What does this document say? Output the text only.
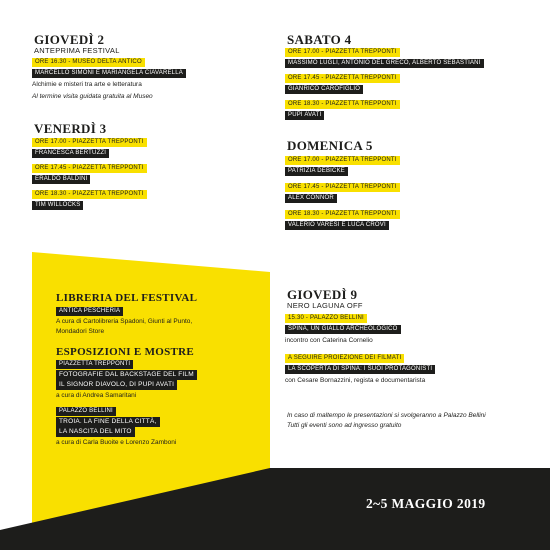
GIOVEDÌ 2
ANTEPRIMA FESTIVAL
ORE 16.30 - MUSEO DELTA ANTICO
MARCELLO SIMONI E MARIANGELA CIAVARELLA
Alchimie e misteri tra arte e letteratura
Al termine visita guidata gratuita al Museo
VENERDÌ 3
ORE 17.00 - PIAZZETTA TREPPONTI
FRANCESCA BERTUZZI
ORE 17.45 - PIAZZETTA TREPPONTI
ERALDO BALDINI
ORE 18.30 - PIAZZETTA TREPPONTI
TIM WILLOCKS
SABATO 4
ORE 17.00 - PIAZZETTA TREPPONTI
MASSIMO LUGLI, ANTONIO DEL GRECO, ALBERTO SEBASTIANI
ORE 17.45 - PIAZZETTA TREPPONTI
GIANRICO CAROFIGLIO
ORE 18.30 - PIAZZETTA TREPPONTI
PUPI AVATI
DOMENICA 5
ORE 17.00 - PIAZZETTA TREPPONTI
PATRIZIA DEBICKE
ORE 17.45 - PIAZZETTA TREPPONTI
ALEX CONNOR
ORE 18.30 - PIAZZETTA TREPPONTI
VALERIO VARESI E LUCA CROVI
LIBRERIA DEL FESTIVAL
ANTICA PESCHERIA
A cura di Cartolibreria Spadoni, Giunti al Punto,
Mondadori Store
ESPOSIZIONI E MOSTRE
PIAZZETTA TREPPONTI
FOTOGRAFIE DAL BACKSTAGE DEL FILM
IL SIGNOR DIAVOLO, DI PUPI AVATI
a cura di Andrea Samaritani
PALAZZO BELLINI
TROIA. LA FINE DELLA CITTÀ,
LA NASCITA DEL MITO
a cura di Carla Buoite e Lorenzo Zamboni
GIOVEDÌ 9
NERO LAGUNA OFF
15.30 - PALAZZO BELLINI
SPINA, UN GIALLO ARCHEOLOGICO
incontro con Caterina Cornelio
A SEGUIRE PROIEZIONE DEI FILMATI
LA SCOPERTA DI SPINA: I SUOI PROTAGONISTI
con Cesare Bornazzini, regista e documentarista
In caso di maltempo le presentazioni si svolgeranno a Palazzo Bellini
Tutti gli eventi sono ad ingresso gratuito
2~5 MAGGIO 2019
